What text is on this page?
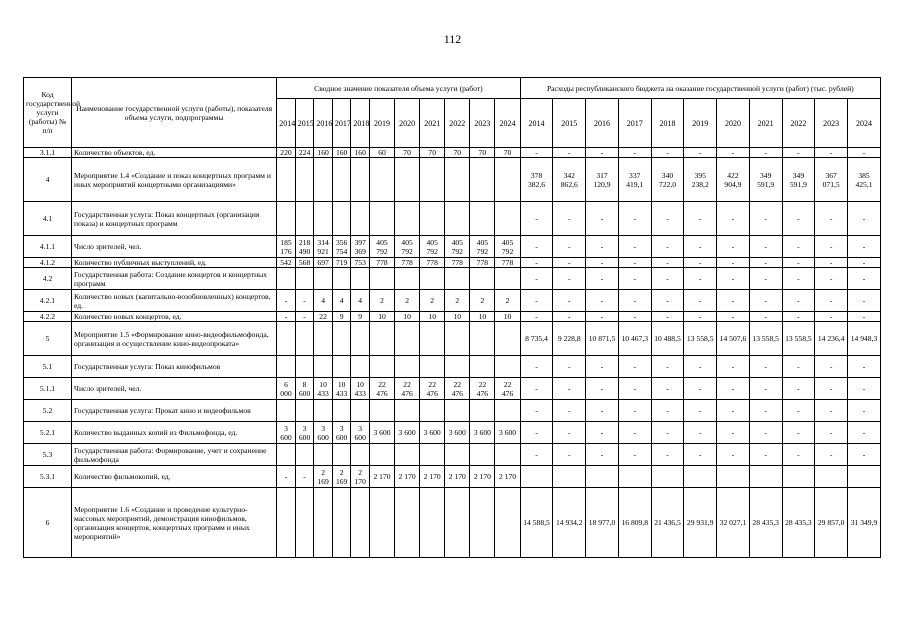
112
Код государственной услуги (работы) № п/п	Наименование государственной услуги (работы), показателя объема услуги, подпрограммы	Сводное значение показателя объема услуги (работ)											Расходы республиканского бюджета на оказание государственной услуги (работ) (тыс. рублей)										
		2014	2015	2016	2017	2018	2019	2020	2021	2022	2023	2024	2014	2015	2016	2017	2018	2019	2020	2021	2022	2023	2024
3.1.1	Количество объектов, ед.	220	224	160	160	160	60	70	70	70	70	70	-	-	-	-	-	-	-	-	-	-	-
4	Мероприятие 1.4 «Создание и показ концертных программ и иных мероприятий концертными организациями»												378 382,6	342 862,6	317 120,9	337 419,1	340 722,0	395 238,2	422 904,9	349 591,9	349 591,9	367 071,5	385 425,1
4.1	Государственная услуга: Показ концертных (организация показа) и концертных программ												-	-	-	-	-	-	-	-	-	-	-
4.1.1	Число зрителей, чел.	185 176	218 490	314 921	356 754	397 369	405 792	405 792	405 792	405 792	405 792	405 792	-	-	-	-	-	-	-	-	-	-	-
4.1.2	Количество публичных выступлений, ед.	542	568	697	719	753	778	778	778	778	778	778	-	-	-	-	-	-	-	-	-	-	-
4.2	Государственная работа: Создание концертов и концертных программ												-	-	-	-	-	-	-	-	-	-	-
4.2.1	Количество новых (капитально-возобновленных) концертов, ед.	-	-	4	4	4	2	2	2	2	2	2	-	-	-	-	-	-	-	-	-	-	-
4.2.2	Количество новых концертов, ед.	-	-	22	9	9	10	10	10	10	10	10	-	-	-	-	-	-	-	-	-	-	-
5	Мероприятие 1.5 «Формирование кино-видеофильмофонда, организация и осуществление кино-видеопроката»												8 735,4	9 228,8	10 871,5	10 467,3	10 488,5	13 558,5	14 507,6	13 558,5	13 558,5	14 236,4	14 948,3
5.1	Государственная услуга: Показ кинофильмов												-	-	-	-	-	-	-	-	-	-	-
5.1.1	Число зрителей, чел.	6 000	8 600	10 433	10 433	10 433	22 476	22 476	22 476	22 476	22 476	22 476	-	-	-	-	-	-	-	-	-	-	-
5.2	Государственная услуга: Прокат кино и видеофильмов												-	-	-	-	-	-	-	-	-	-	-
5.2.1	Количество выданных копий из Фильмофонда, ед.	3 600	3 600	3 600	3 600	3 600	3 600	3 600	3 600	3 600	3 600	3 600	-	-	-	-	-	-	-	-	-	-	-
5.3	Государственная работа: Формирование, учет и сохранение фильмофонда												-	-	-	-	-	-	-	-	-	-	-
5.3.1	Количество фильмокопий, ед.	-	-	2 169	2 169	2 170	2 170	2 170	2 170	2 170	2 170	2 170											
6	Мероприятие 1.6 «Создание и проведение культурно-массовых мероприятий, демонстрация кинофильмов, организация концертов, концертных программ и иных мероприятий»												14 588,5	14 934,2	18 977,0	16 809,8	21 436,5	29 931,9	32 027,1	28 435,3	28 435,3	29 857,0	31 349,9
